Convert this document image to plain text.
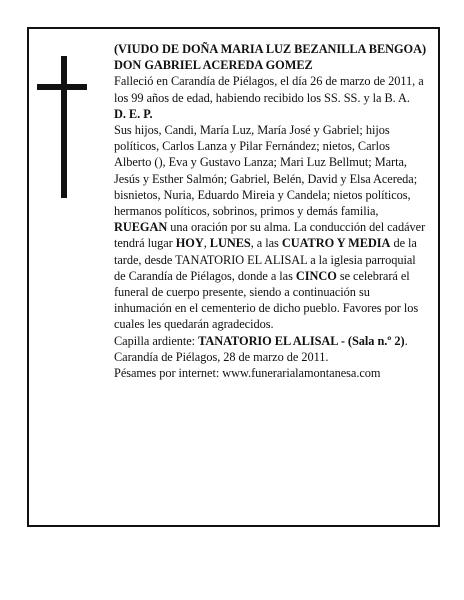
(VIUDO DE DOÑA MARIA LUZ BEZANILLA BENGOA)

DON GABRIEL ACEREDA GOMEZ

Falleció en Carandía de Piélagos, el día 26 de marzo de 2011, a los 99 años de edad, habiendo recibido los SS. SS. y la B. A.

D. E. P.

Sus hijos, Candi, María Luz, María José y Gabriel; hijos políticos, Carlos Lanza y Pilar Fernández; nietos, Carlos Alberto (), Eva y Gustavo Lanza; Mari Luz Bellmut; Marta, Jesús y Esther Salmón; Gabriel, Belén, David y Elsa Acereda; bisnietos, Nuria, Eduardo Mireia y Candela; nietos políticos, hermanos políticos, sobrinos, primos y demás familia,

RUEGAN una oración por su alma. La conducción del cadáver tendrá lugar HOY, LUNES, a las CUATRO Y MEDIA de la tarde, desde TANATORIO EL ALISAL a la iglesia parroquial de Carandía de Piélagos, donde a las CINCO se celebrará el funeral de cuerpo presente, siendo a continuación su inhumación en el cementerio de dicho pueblo. Favores por los cuales les quedarán agradecidos.

Capilla ardiente: TANATORIO EL ALISAL - (Sala n.º 2).

Carandía de Piélagos, 28 de marzo de 2011.

Pésames por internet: www.funerarialamontanesa.com
